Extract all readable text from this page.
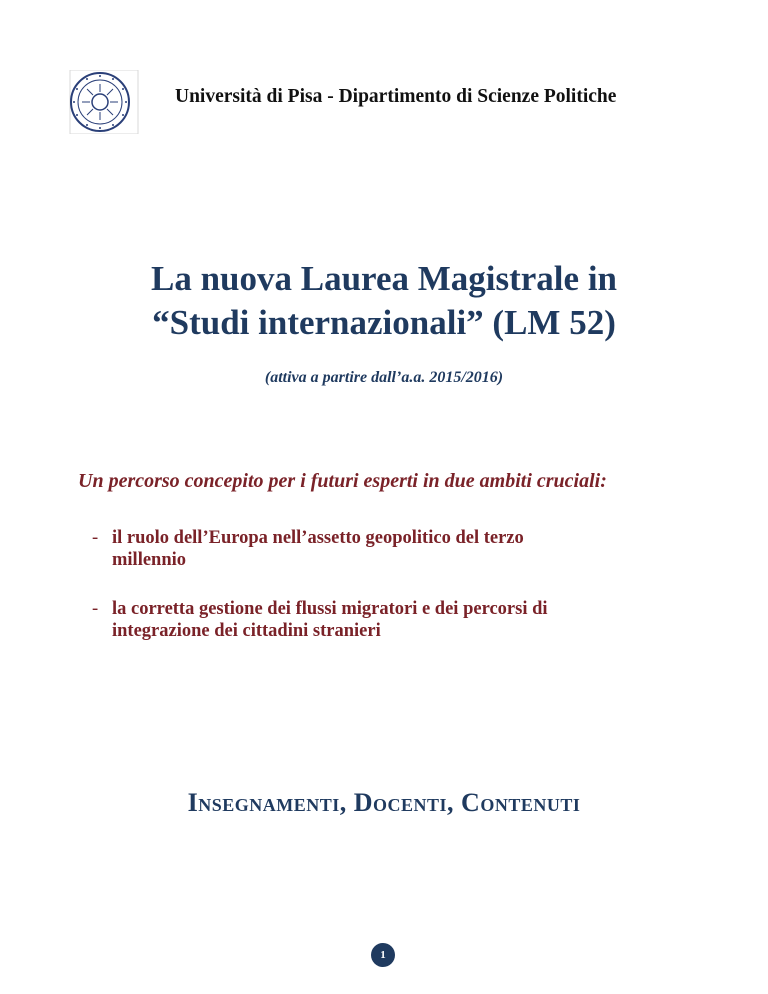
Università di Pisa - Dipartimento di Scienze Politiche
La nuova Laurea Magistrale in
“Studi internazionali” (LM 52)
(attiva a partire dall’a.a. 2015/2016)
Un percorso concepito per i futuri esperti in due ambiti cruciali:
- il ruolo dell’Europa nell’assetto geopolitico del terzo
millennio
- la corretta gestione dei flussi migratori e dei percorsi di
integrazione dei cittadini stranieri
Insegnamenti, Docenti, Contenuti
1
